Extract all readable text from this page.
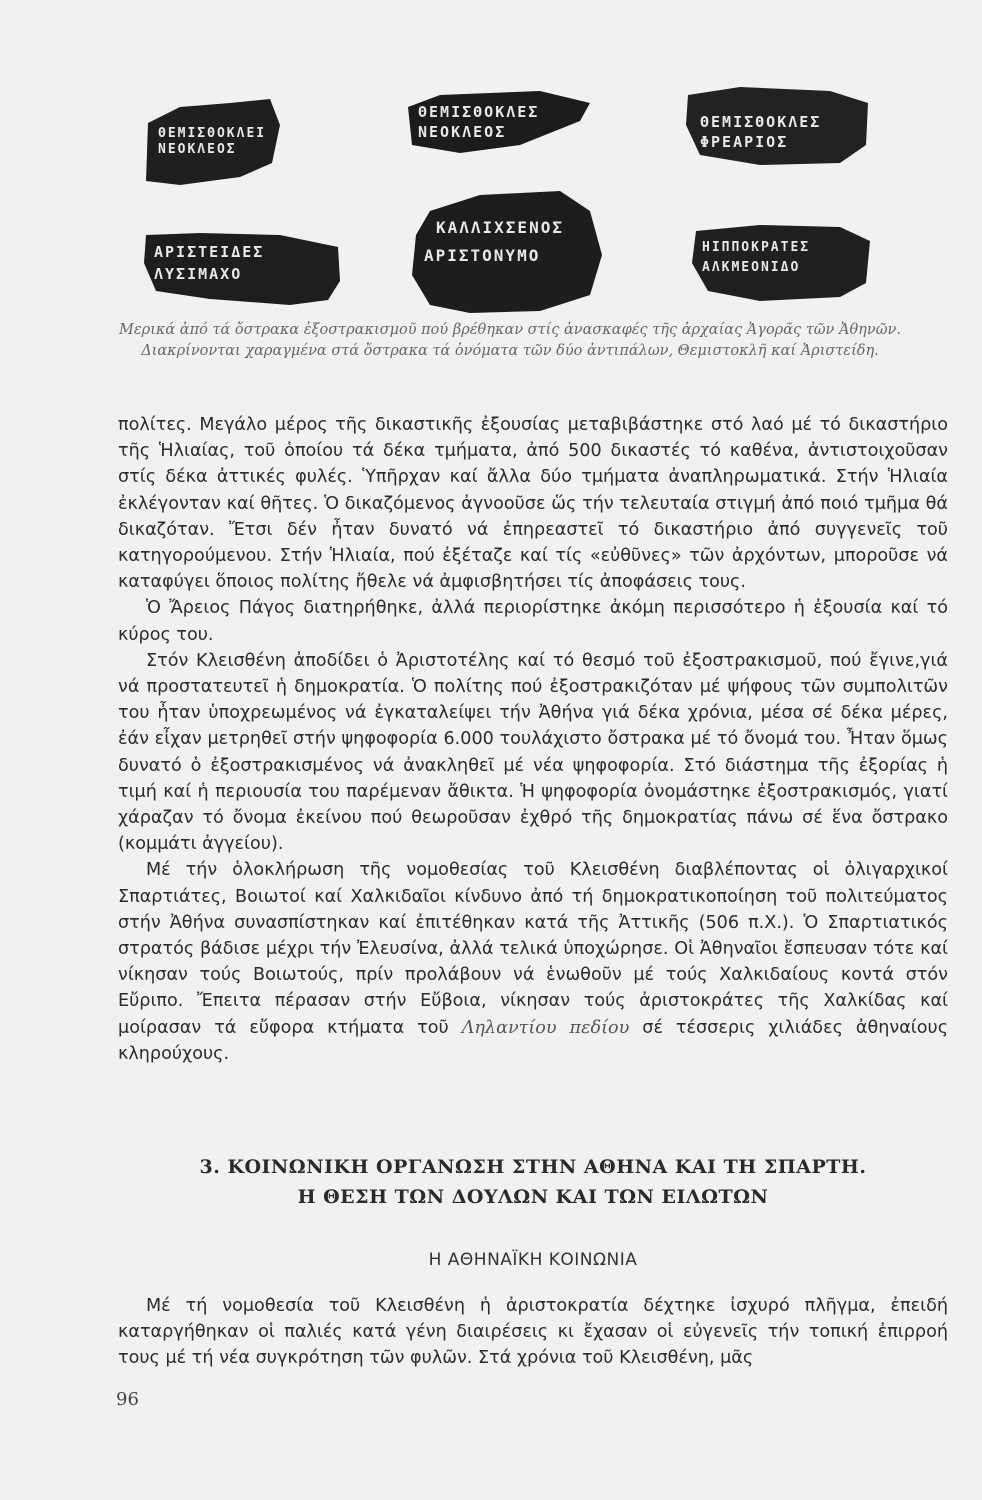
ΘΕΜΙΣΘΟΚΛΕΙ
ΝΕΟΚΛΕΟΣ
ΘΕΜΙΣΘΟΚΛΕΣ
ΝΕΟΚΛΕΟΣ
ΘΕΜΙΣΘΟΚΛΕΣ
ΦΡΕΑΡΙΟΣ
ΑΡΙΣΤΕΙΔΕΣ
ΛΥΣΙΜΑΧΟ
ΚΑΛΛΙΧΣΕΝΟΣ
ΑΡΙΣΤΟΝΥΜΟ	ΗΙΠΠΟΚΡΑΤΕΣ
ΑΛΚΜΕΟΝΙΔΟ
Μερικά ἀπό τά ὄστρακα ἐξοστρακισμοῦ πού βρέθηκαν στίς ἀνασκαφές τῆς ἀρχαίας Ἀγορᾶς τῶν Ἀθηνῶν. Διακρίνονται χαραγμένα στά ὄστρακα τά ὀνόματα τῶν δύο ἀντιπάλων, Θεμιστοκλῆ καί Ἀριστείδη.

πολίτες. Μεγάλο μέρος τῆς δικαστικῆς ἐξουσίας μεταβιβάστηκε στό λαό μέ τό δικαστήριο τῆς Ἡλιαίας, τοῦ ὁποίου τά δέκα τμήματα, ἀπό 500 δικαστές τό καθένα, ἀντιστοιχοῦσαν στίς δέκα ἀττικές φυλές. Ὑπῆρχαν καί ἄλλα δύο τμήματα ἀναπληρωματικά. Στήν Ἡλιαία ἐκλέγονταν καί θῆτες. Ὁ δικαζόμενος ἀγνοοῦσε ὥς τήν τελευταία στιγμή ἀπό ποιό τμῆμα θά δικαζόταν. Ἔτσι δέν ἦταν δυνατό νά ἐπηρεαστεῖ τό δικαστήριο ἀπό συγγενεῖς τοῦ κατηγορούμενου. Στήν Ἡλιαία, πού ἐξέταζε καί τίς «εὐθῦνες» τῶν ἀρχόντων, μποροῦσε νά καταφύγει ὅποιος πολίτης ἤθελε νά ἀμφισβητήσει τίς ἀποφάσεις τους.

Ὁ Ἄρειος Πάγος διατηρήθηκε, ἀλλά περιορίστηκε ἀκόμη περισσότερο ἡ ἐξουσία καί τό κύρος του.

Στόν Κλεισθένη ἀποδίδει ὁ Ἀριστοτέλης καί τό θεσμό τοῦ ἐξοστρακισμοῦ, πού ἔγινε,γιά νά προστατευτεῖ ἡ δημοκρατία. Ὁ πολίτης πού ἐξοστρακιζόταν μέ ψήφους τῶν συμπολιτῶν του ἦταν ὑποχρεωμένος νά ἐγκαταλείψει τήν Ἀθήνα γιά δέκα χρόνια, μέσα σέ δέκα μέρες, ἐάν εἶχαν μετρηθεῖ στήν ψηφοφορία 6.000 τουλάχιστο ὄστρακα μέ τό ὄνομά του. Ἦταν ὅμως δυνατό ὁ ἐξοστρακισμένος νά ἀνακληθεῖ μέ νέα ψηφοφορία. Στό διάστημα τῆς ἐξορίας ἡ τιμή καί ἡ περιουσία του παρέμεναν ἄθικτα. Ἡ ψηφοφορία ὀνομάστηκε ἐξοστρακισμός, γιατί χάραζαν τό ὄνομα ἐκείνου πού θεωροῦσαν ἐχθρό τῆς δημοκρατίας πάνω σέ ἕνα ὄστρακο (κομμάτι ἀγγείου).

Μέ τήν ὁλοκλήρωση τῆς νομοθεσίας τοῦ Κλεισθένη διαβλέποντας οἱ ὀλιγαρχικοί Σπαρτιάτες, Βοιωτοί καί Χαλκιδαῖοι κίνδυνο ἀπό τή δημοκρατικοποίηση τοῦ πολιτεύματος στήν Ἀθήνα συνασπίστηκαν καί ἐπιτέθηκαν κατά τῆς Ἀττικῆς (506 π.Χ.). Ὁ Σπαρτιατικός στρατός βάδισε μέχρι τήν Ἐλευσίνα, ἀλλά τελικά ὑποχώρησε. Οἱ Ἀθηναῖοι ἔσπευσαν τότε καί νίκησαν τούς Βοιωτούς, πρίν προλάβουν νά ἑνωθοῦν μέ τούς Χαλκιδαίους κοντά στόν Εὔριπο. Ἔπειτα πέρασαν στήν Εὔβοια, νίκησαν τούς ἀριστοκράτες τῆς Χαλκίδας καί μοίρασαν τά εὔφορα κτήματα τοῦ Ληλαντίου πεδίου σέ τέσσερις χιλιάδες ἀθηναίους κληρούχους.

3. ΚΟΙΝΩΝΙΚΗ ΟΡΓΑΝΩΣΗ ΣΤΗΝ ΑΘΗΝΑ ΚΑΙ ΤΗ ΣΠΑΡΤΗ.
Η ΘΕΣΗ ΤΩΝ ΔΟΥΛΩΝ ΚΑΙ ΤΩΝ ΕΙΛΩΤΩΝ
Η ΑΘΗΝΑΪΚΗ ΚΟΙΝΩΝΙΑ

Μέ τή νομοθεσία τοῦ Κλεισθένη ἡ ἀριστοκρατία δέχτηκε ἰσχυρό πλῆγμα, ἐπειδή καταργήθηκαν οἱ παλιές κατά γένη διαιρέσεις κι ἔχασαν οἱ εὐγενεῖς τήν τοπική ἐπιρροή τους μέ τή νέα συγκρότηση τῶν φυλῶν. Στά χρόνια τοῦ Κλεισθένη, μᾶς

96
